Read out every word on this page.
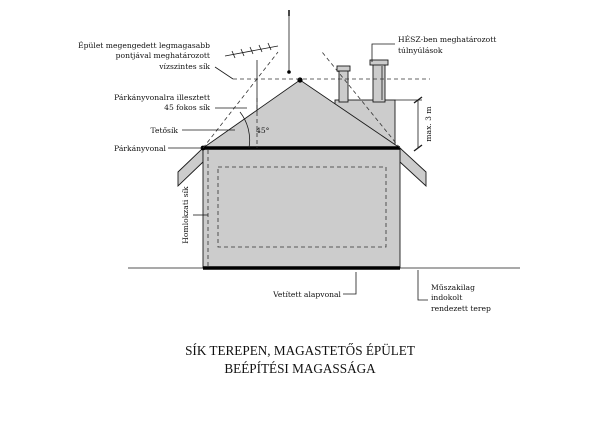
Épület megengedett legmagasabb
pontjával meghatározott
vízszintes sík
Párkányvonalra illesztett
45 fokos sík
Tetősík
Párkányvonal
Homlokzati sík
45°
HÉSZ-ben meghatározott
túlnyúlások
max. 3 m
Vetített alapvonal
Műszakilag
indokolt
rendezett terep
SÍK TEREPEN, MAGASTETŐS ÉPÜLET
BEÉPÍTÉSI MAGASSÁGA
